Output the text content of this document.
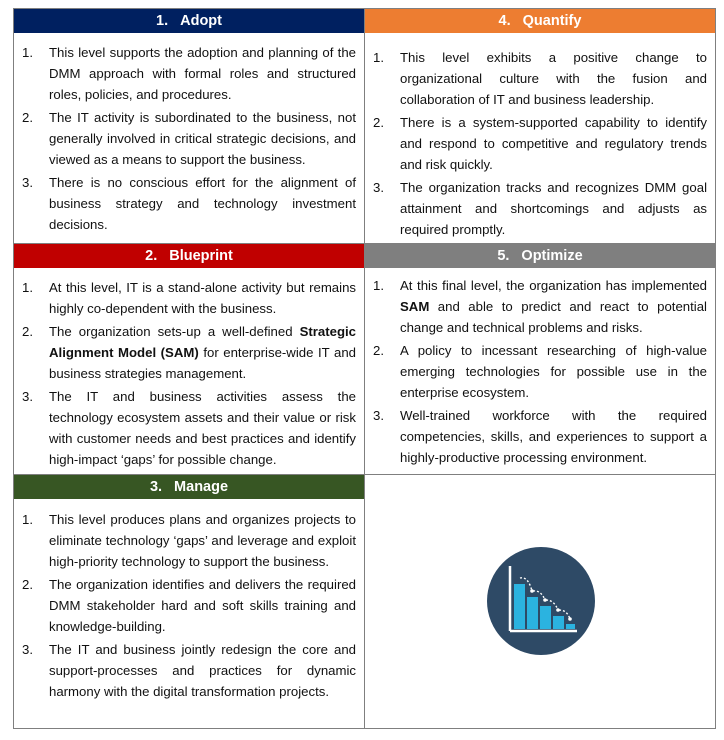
1. Adopt
1. This level supports the adoption and planning of the DMM approach with formal roles and structured roles, policies, and procedures.
2. The IT activity is subordinated to the business, not generally involved in critical strategic decisions, and viewed as a means to support the business.
3. There is no conscious effort for the alignment of business strategy and technology investment decisions.
4. Quantify
1. This level exhibits a positive change to organizational culture with the fusion and collaboration of IT and business leadership.
2. There is a system-supported capability to identify and respond to competitive and regulatory trends and risk quickly.
3. The organization tracks and recognizes DMM goal attainment and shortcomings and adjusts as required promptly.
2. Blueprint
1. At this level, IT is a stand-alone activity but remains highly co-dependent with the business.
2. The organization sets-up a well-defined Strategic Alignment Model (SAM) for enterprise-wide IT and business strategies management.
3. The IT and business activities assess the technology ecosystem assets and their value or risk with customer needs and best practices and identify high-impact ‘gaps’ for possible change.
5. Optimize
1. At this final level, the organization has implemented SAM and able to predict and react to potential change and technical problems and risks.
2. A policy to incessant researching of high-value emerging technologies for possible use in the enterprise ecosystem.
3. Well-trained workforce with the required competencies, skills, and experiences to support a highly-productive processing environment.
3. Manage
1. This level produces plans and organizes projects to eliminate technology ‘gaps’ and leverage and exploit high-priority technology to support the business.
2. The organization identifies and delivers the required DMM stakeholder hard and soft skills training and knowledge-building.
3. The IT and business jointly redesign the core and support-processes and practices for dynamic harmony with the digital transformation projects.
